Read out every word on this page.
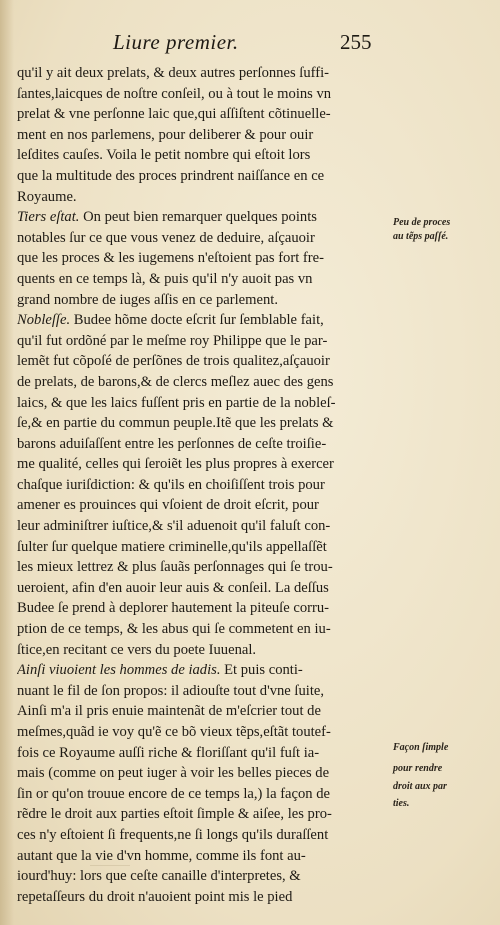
Liure premier.	255
qu'il y ait deux prelats, & deux autres perſonnes ſuffi-
ſantes,laicques de noſtre conſeil, ou à tout le moins vn
prelat & vne perſonne laic que,qui aſſiſtent cõtinuelle-
ment en nos parlemens, pour deliberer & pour ouir
leſdites cauſes. Voila le petit nombre qui eſtoit lors
que la multitude des proces prindrent naiſſance en ce
Royaume.
Tiers eſtat. On peut bien remarquer quelques points
notables ſur ce que vous venez de deduire, aſçauoir
que les proces & les iugemens n'eſtoient pas fort fre-
quents en ce temps là, & puis qu'il n'y auoit pas vn
grand nombre de iuges aſſis en ce parlement.
Nobleſſe. Budee hõme docte eſcrit ſur ſemblable fait,
qu'il fut ordõné par le meſme roy Philippe que le par-
lemẽt fut cõpoſé de perſõnes de trois qualitez,aſçauoir
de prelats, de barons,& de clercs meſlez auec des gens
laics, & que les laics fuſſent pris en partie de la nobleſ-
ſe,& en partie du commun peuple.Itẽ que les prelats &
barons aduiſaſſent entre les perſonnes de ceſte troiſie-
me qualité, celles qui ſeroiẽt les plus propres à exercer
chaſque iuriſdiction: & qu'ils en choiſiſſent trois pour
amener es prouinces qui vſoient de droit eſcrit, pour
leur adminiſtrer iuſtice,& s'il aduenoit qu'il faluſt con-
ſulter ſur quelque matiere criminelle,qu'ils appellaſſẽt
les mieux lettrez & plus ſauãs perſonnages qui ſe trou-
ueroient, afin d'en auoir leur auis & conſeil. La deſſus
Budee ſe prend à deplorer hautement la piteuſe corru-
ption de ce temps, & les abus qui ſe commetent en iu-
ſtice,en recitant ce vers du poete Iuuenal.
Ainſi viuoient les hommes de iadis. Et puis conti-
nuant le fil de ſon propos: il adiouſte tout d'vne ſuite,
Ainſi m'a il pris enuie maintenãt de m'eſcrier tout de
meſmes,quãd ie voy qu'ẽ ce bõ vieux tẽps,eſtãt toutef-
fois ce Royaume auſſi riche & floriſſant qu'il fuſt ia-
mais (comme on peut iuger à voir les belles pieces de
ſin or qu'on trouue encore de ce temps la,) la façon de
rẽdre le droit aux parties eſtoit ſimple & aiſee, les pro-
ces n'y eſtoient ſi frequents,ne ſi longs qu'ils duraſſent
autant que la vie d'vn homme, comme ils font au-
iourd'huy: lors que ceſte canaille d'interpretes, &
repetaſſeurs du droit n'auoient point mis le pied
Peu de proces
au tẽps paſſé.
Façon ſimple
pour rendre
droit aux par
ties.
